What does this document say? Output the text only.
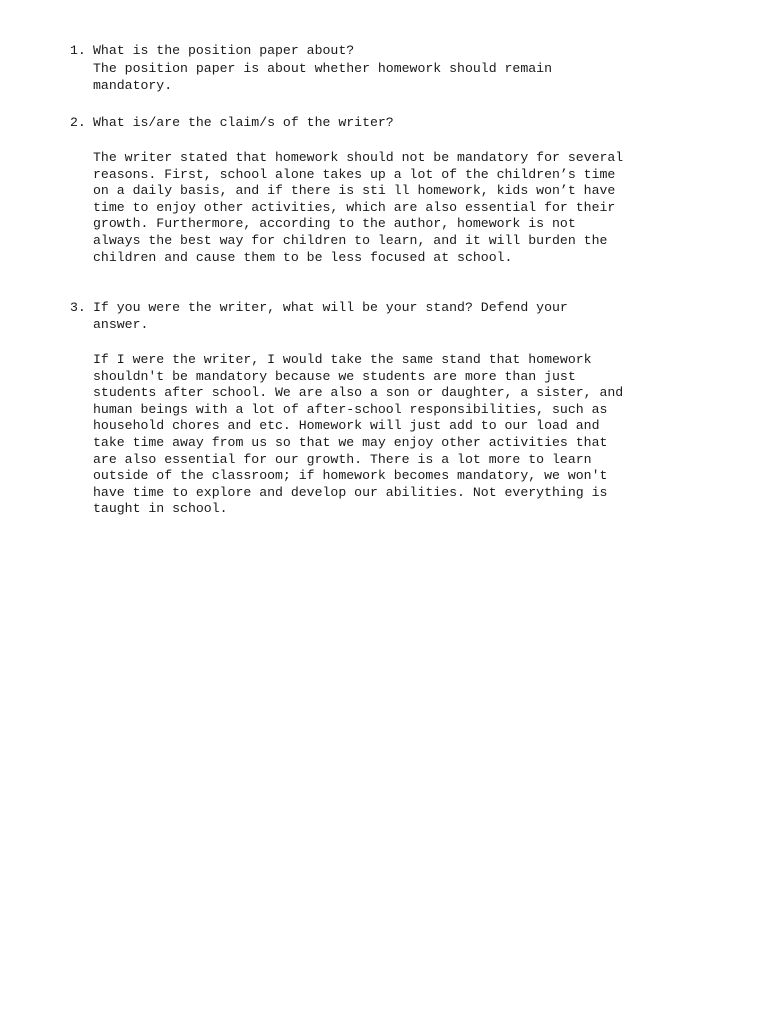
1. What is the position paper about?
The position paper is about whether homework should remain
mandatory.
2. What is/are the claim/s of the writer?
The writer stated that homework should not be mandatory for several
reasons. First, school alone takes up a lot of the children’s time
on a daily basis, and if there is sti ll homework, kids won’t have
time to enjoy other activities, which are also essential for their
growth. Furthermore, according to the author, homework is not
always the best way for children to learn, and it will burden the
children and cause them to be less focused at school.
3. If you were the writer, what will be your stand? Defend your
answer.
If I were the writer, I would take the same stand that homework
shouldn't be mandatory because we students are more than just
students after school. We are also a son or daughter, a sister, and
human beings with a lot of after-school responsibilities, such as
household chores and etc. Homework will just add to our load and
take time away from us so that we may enjoy other activities that
are also essential for our growth. There is a lot more to learn
outside of the classroom; if homework becomes mandatory, we won't
have time to explore and develop our abilities. Not everything is
taught in school.
